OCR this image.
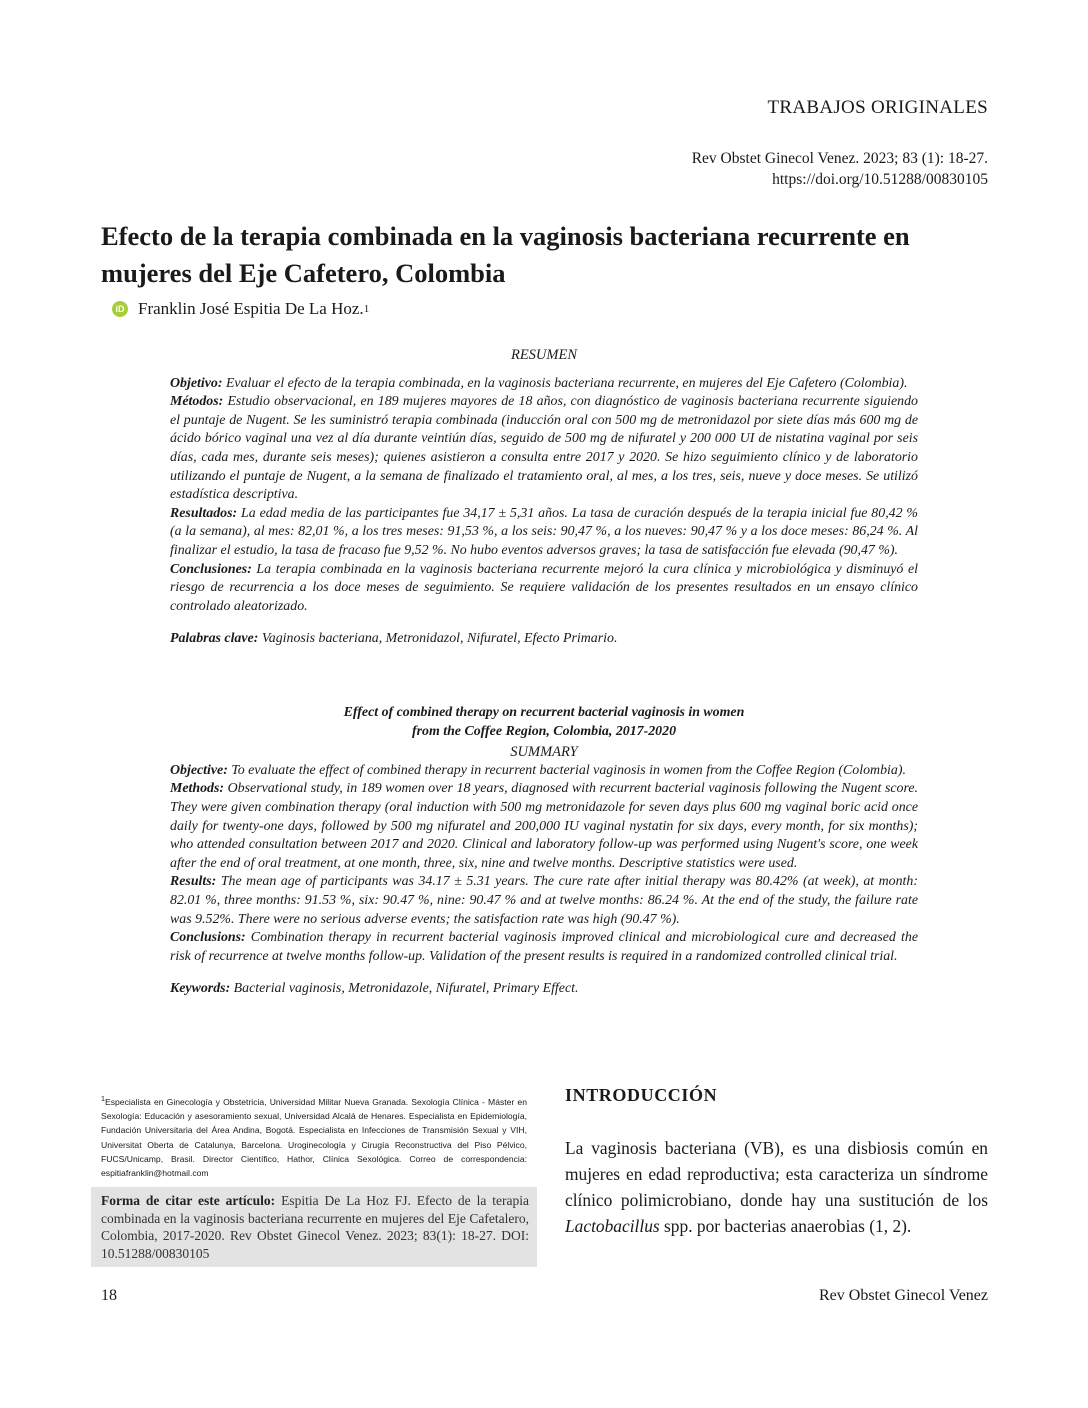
TRABAJOS ORIGINALES
Rev Obstet Ginecol Venez. 2023; 83 (1): 18-27.
https://doi.org/10.51288/00830105
Efecto de la terapia combinada en la vaginosis bacteriana recurrente en mujeres del Eje Cafetero, Colombia
iD Franklin José Espitia De La Hoz. 1

RESUMEN

Objetivo: Evaluar el efecto de la terapia combinada, en la vaginosis bacteriana recurrente, en mujeres del Eje Cafetero (Colombia).

Métodos: Estudio observacional, en 189 mujeres mayores de 18 años, con diagnóstico de vaginosis bacteriana recurrente siguiendo el puntaje de Nugent. Se les suministró terapia combinada (inducción oral con 500 mg de metronidazol por siete días más 600 mg de ácido bórico vaginal una vez al día durante veintiún días, seguido de 500 mg de nifuratel y 200 000 UI de nistatina vaginal por seis días, cada mes, durante seis meses); quienes asistieron a consulta entre 2017 y 2020. Se hizo seguimiento clínico y de laboratorio utilizando el puntaje de Nugent, a la semana de finalizado el tratamiento oral, al mes, a los tres, seis, nueve y doce meses. Se utilizó estadística descriptiva.

Resultados: La edad media de las participantes fue 34,17 ± 5,31 años. La tasa de curación después de la terapia inicial fue 80,42 % (a la semana), al mes: 82,01 %, a los tres meses: 91,53 %, a los seis: 90,47 %, a los nueves: 90,47 % y a los doce meses: 86,24 %. Al finalizar el estudio, la tasa de fracaso fue 9,52 %. No hubo eventos adversos graves; la tasa de satisfacción fue elevada (90,47 %).

Conclusiones: La terapia combinada en la vaginosis bacteriana recurrente mejoró la cura clínica y microbiológica y disminuyó el riesgo de recurrencia a los doce meses de seguimiento. Se requiere validación de los presentes resultados en un ensayo clínico controlado aleatorizado.

Palabras clave: Vaginosis bacteriana, Metronidazol, Nifuratel, Efecto Primario.

Effect of combined therapy on recurrent bacterial vaginosis in women
from the Coffee Region, Colombia, 2017-2020

SUMMARY

Objective: To evaluate the effect of combined therapy in recurrent bacterial vaginosis in women from the Coffee Region (Colombia).

Methods: Observational study, in 189 women over 18 years, diagnosed with recurrent bacterial vaginosis following the Nugent score. They were given combination therapy (oral induction with 500 mg metronidazole for seven days plus 600 mg vaginal boric acid once daily for twenty-one days, followed by 500 mg nifuratel and 200,000 IU vaginal nystatin for six days, every month, for six months); who attended consultation between 2017 and 2020. Clinical and laboratory follow-up was performed using Nugent's score, one week after the end of oral treatment, at one month, three, six, nine and twelve months. Descriptive statistics were used.

Results: The mean age of participants was 34.17 ± 5.31 years. The cure rate after initial therapy was 80.42% (at week), at month: 82.01 %, three months: 91.53 %, six: 90.47 %, nine: 90.47 % and at twelve months: 86.24 %. At the end of the study, the failure rate was 9.52%. There were no serious adverse events; the satisfaction rate was high (90.47 %).

Conclusions: Combination therapy in recurrent bacterial vaginosis improved clinical and microbiological cure and decreased the risk of recurrence at twelve months follow-up. Validation of the present results is required in a randomized controlled clinical trial.

Keywords: Bacterial vaginosis, Metronidazole, Nifuratel, Primary Effect.

$^1$Especialista en Ginecología y Obstetricia, Universidad Militar Nueva Granada. Sexología Clínica - Máster en Sexología: Educación y asesoramiento sexual, Universidad Alcalá de Henares. Especialista en Epidemiología, Fundación Universitaria del Área Andina, Bogotá. Especialista en Infecciones de Transmisión Sexual y VIH, Universitat Oberta de Catalunya, Barcelona. Uroginecología y Cirugía Reconstructiva del Piso Pélvico, FUCS/Unicamp, Brasil. Director Científico, Hathor, Clínica Sexológica. Correo de correspondencia: espitiafranklin@hotmail.com
Forma de citar este artículo: Espitia De La Hoz FJ. Efecto de la terapia combinada en la vaginosis bacteriana recurrente en mujeres del Eje Cafetalero, Colombia, 2017-2020. Rev Obstet Ginecol Venez. 2023; 83(1): 18-27. DOI: 10.51288/00830105
INTRODUCCIÓN
La vaginosis bacteriana (VB), es una disbiosis común en mujeres en edad reproductiva; esta caracteriza un síndrome clínico polimicrobiano, donde hay una sustitución de los Lactobacillus spp. por bacterias anaerobias (1, 2).
18	Rev Obstet Ginecol Venez
